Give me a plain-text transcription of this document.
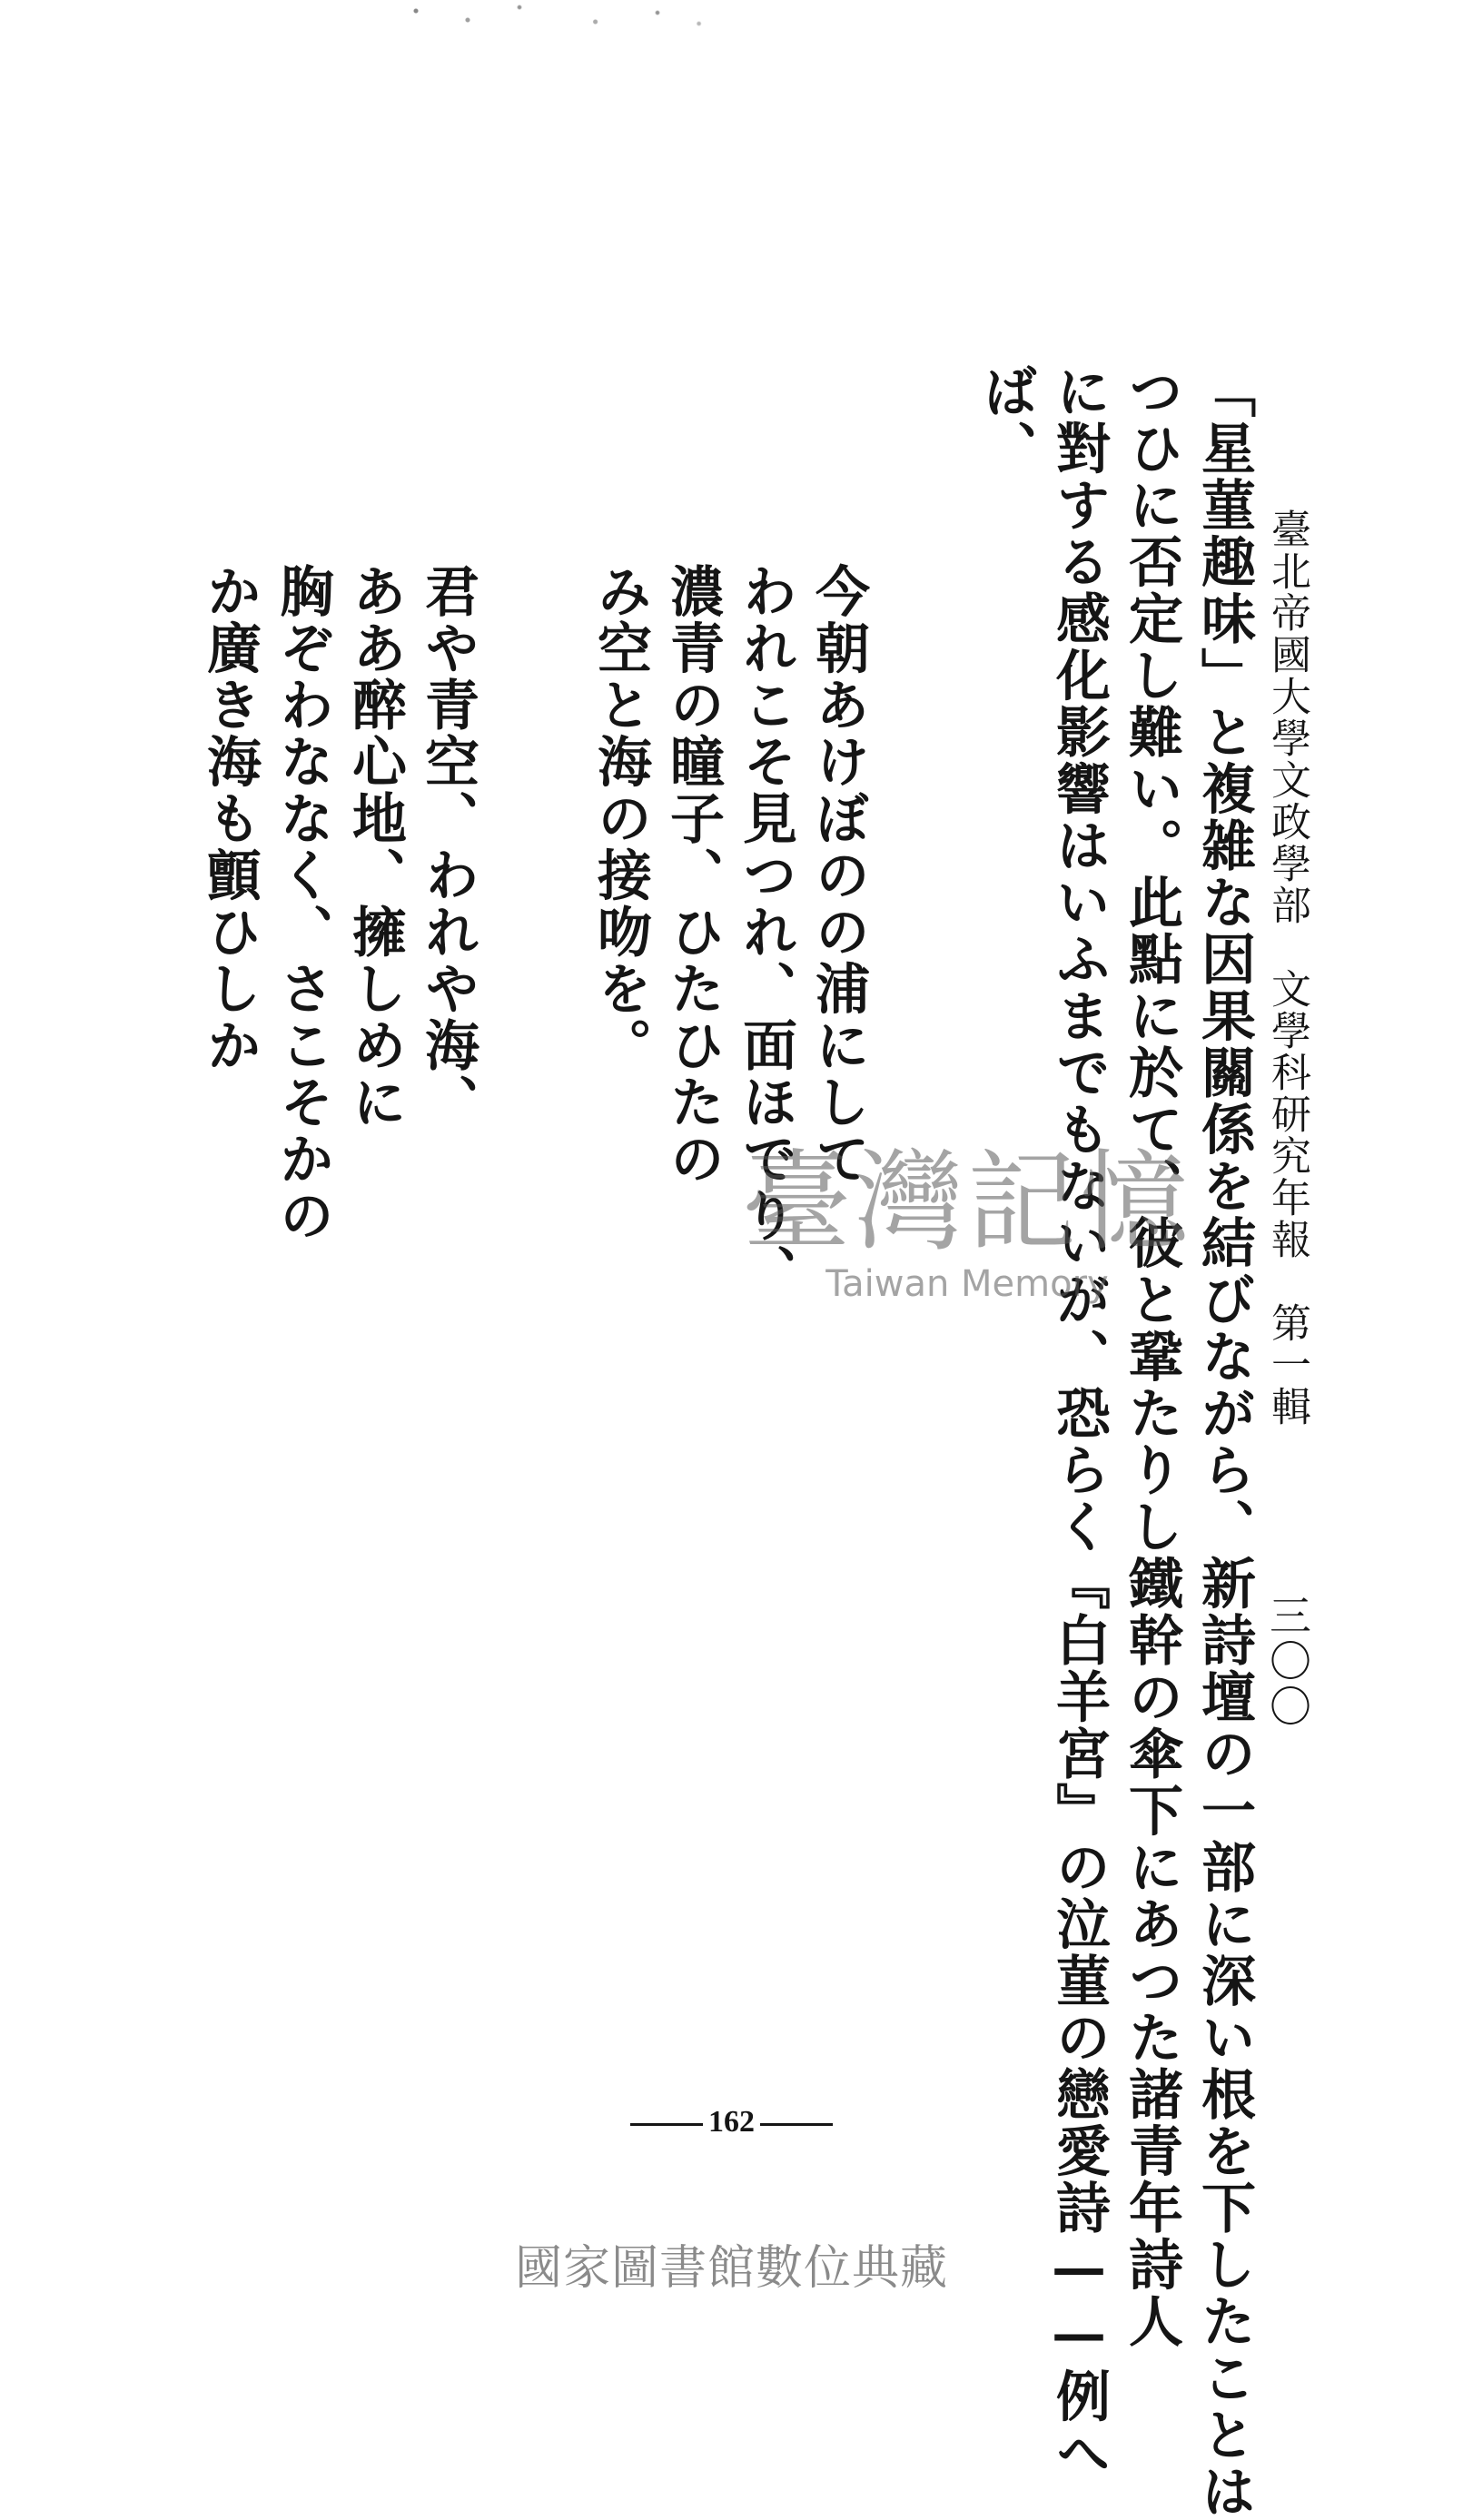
臺北帝國大學文政學部　文學科研究年報　第一輯
三〇〇
「星菫趣味」と複雑な因果關係を結びながら、新詩壇の一部に深い根を下したことは
つひに否定し難い。此點に於て、彼と鞏たりし鐵幹の傘下にあつた諸青年詩人
に對する感化影響はいふまでもないが、恐らく『白羊宮』の泣菫の戀愛詩——例へ
ば、
今朝あけぼのの浦にして
われこそ見つれ、面ほでり、
濃青の瞳子、ひたひたの
み空と海の接吻を。
君や青空、われや海、
ああ醉心地、擁しめに
胸ぞわななく、さこそかの
か廣き海も顫ひしか
臺灣記憶
Taiwan Memory
162
國家圖書館數位典藏
